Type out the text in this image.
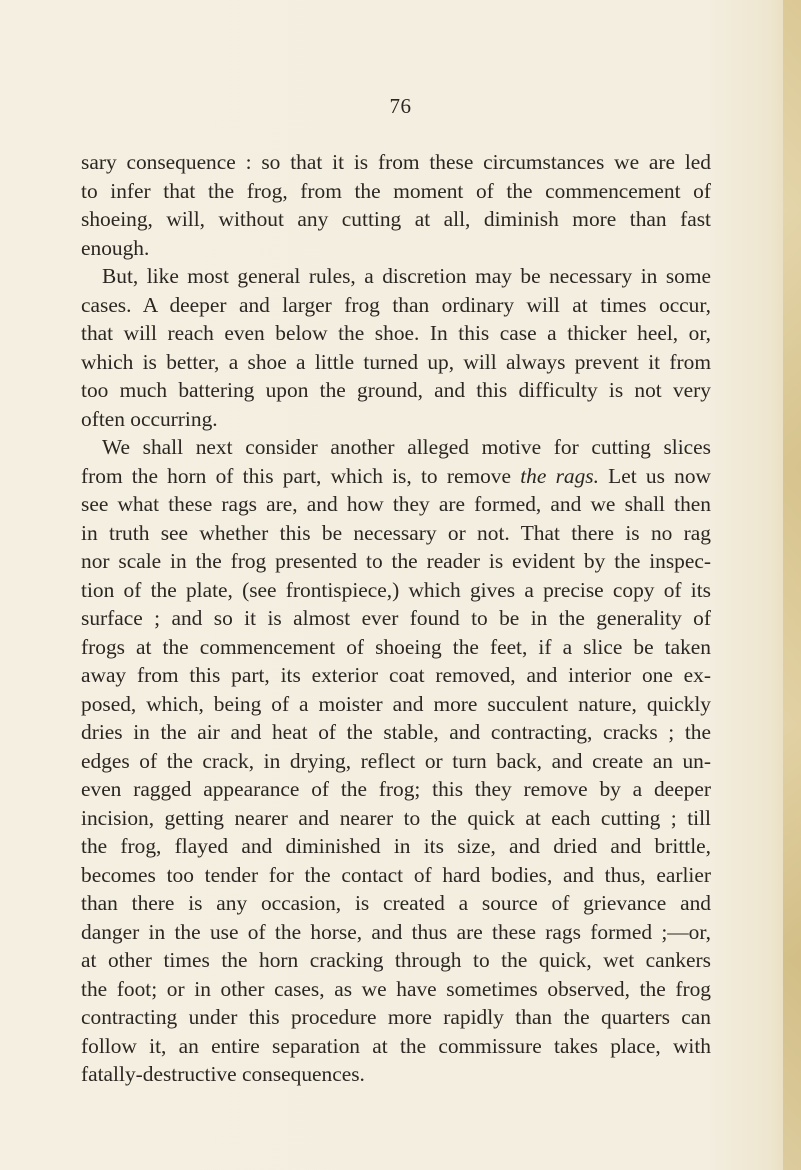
76

sary consequence : so that it is from these circumstances we are led
to infer that the frog, from the moment of the commencement of
shoeing, will, without any cutting at all, diminish more than fast
enough.

But, like most general rules, a discretion may be necessary in some
cases. A deeper and larger frog than ordinary will at times occur,
that will reach even below the shoe. In this case a thicker heel, or,
which is better, a shoe a little turned up, will always prevent it from
too much battering upon the ground, and this difficulty is not very
often occurring.

We shall next consider another alleged motive for cutting slices
from the horn of this part, which is, to remove the rags. Let us now
see what these rags are, and how they are formed, and we shall then
in truth see whether this be necessary or not. That there is no rag
nor scale in the frog presented to the reader is evident by the inspec-
tion of the plate, (see frontispiece,) which gives a precise copy of its
surface ; and so it is almost ever found to be in the generality of
frogs at the commencement of shoeing the feet, if a slice be taken
away from this part, its exterior coat removed, and interior one ex-
posed, which, being of a moister and more succulent nature, quickly
dries in the air and heat of the stable, and contracting, cracks ; the
edges of the crack, in drying, reflect or turn back, and create an un-
even ragged appearance of the frog; this they remove by a deeper
incision, getting nearer and nearer to the quick at each cutting ; till
the frog, flayed and diminished in its size, and dried and brittle,
becomes too tender for the contact of hard bodies, and thus, earlier
than there is any occasion, is created a source of grievance and
danger in the use of the horse, and thus are these rags formed ;—or,
at other times the horn cracking through to the quick, wet cankers
the foot; or in other cases, as we have sometimes observed, the frog
contracting under this procedure more rapidly than the quarters can
follow it, an entire separation at the commissure takes place, with
fatally-destructive consequences.
